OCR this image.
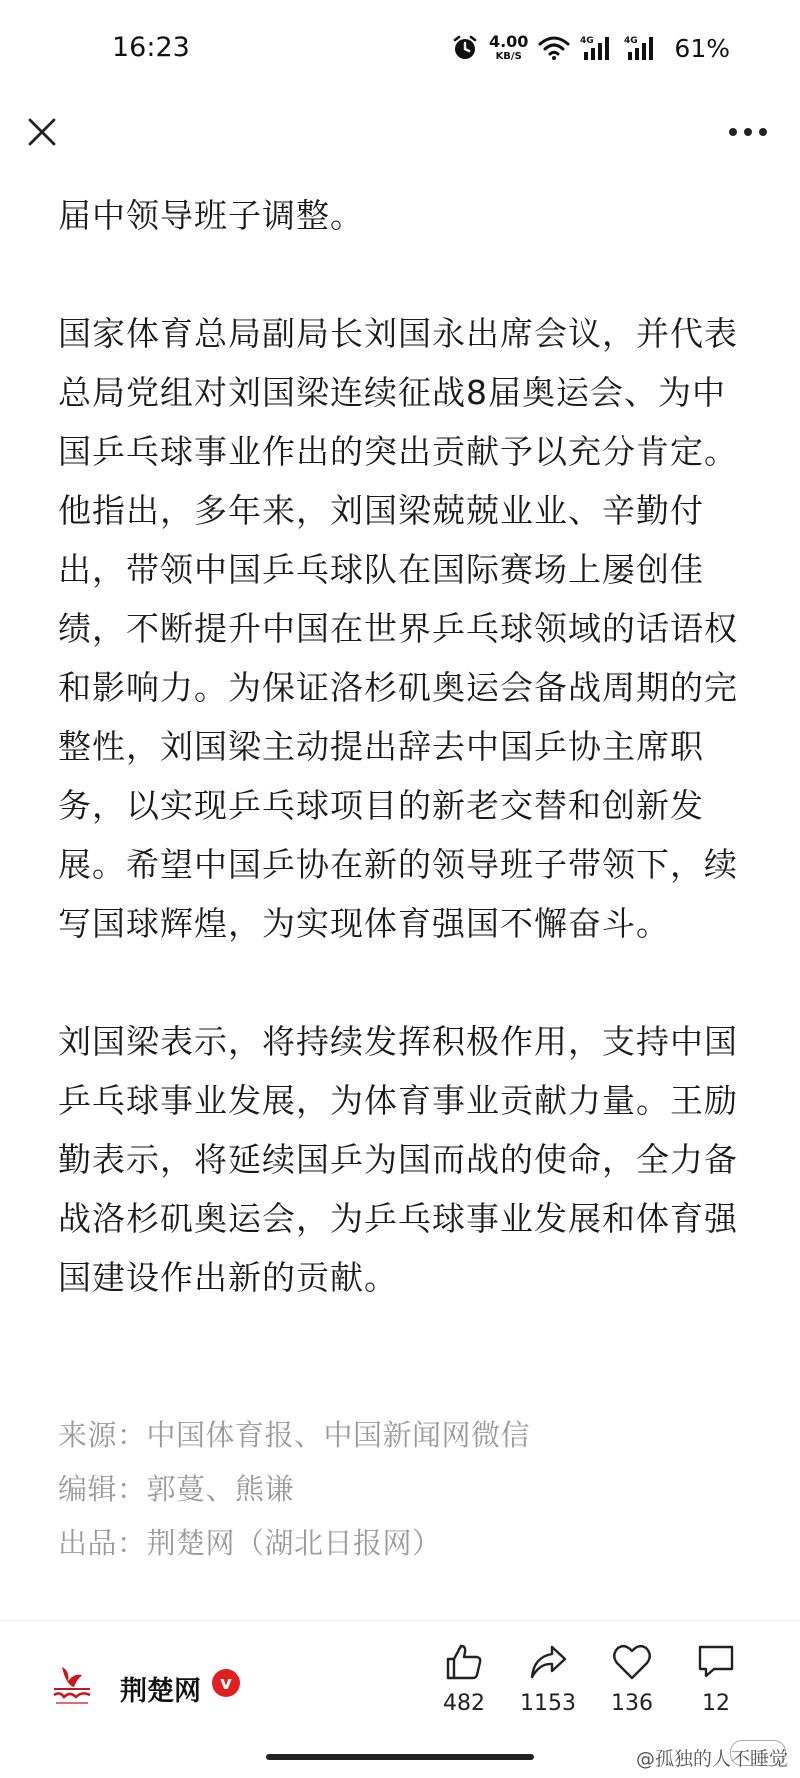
16:23	4.00
KB/S
4G	4G 61%

届中领导班子调整。

国家体育总局副局长刘国永出席会议，并代表总局党组对刘国梁连续征战8届奥运会、为中国乒乓球事业作出的突出贡献予以充分肯定。他指出，多年来，刘国梁兢兢业业、辛勤付出，带领中国乒乓球队在国际赛场上屡创佳绩，不断提升中国在世界乒乓球领域的话语权和影响力。为保证洛杉矶奥运会备战周期的完整性，刘国梁主动提出辞去中国乒协主席职务，以实现乒乓球项目的新老交替和创新发展。希望中国乒协在新的领导班子带领下，续写国球辉煌，为实现体育强国不懈奋斗。

刘国梁表示，将持续发挥积极作用，支持中国乒乓球事业发展，为体育事业贡献力量。王励勤表示，将延续国乒为国而战的使命，全力备战洛杉矶奥运会，为乒乓球事业发展和体育强国建设作出新的贡献。

来源：中国体育报、中国新闻网微信
编辑：郭蔓、熊谦
出品：荆楚网（湖北日报网）
荆楚网	v
482 1153 136 12
@孤独的人不睡觉
